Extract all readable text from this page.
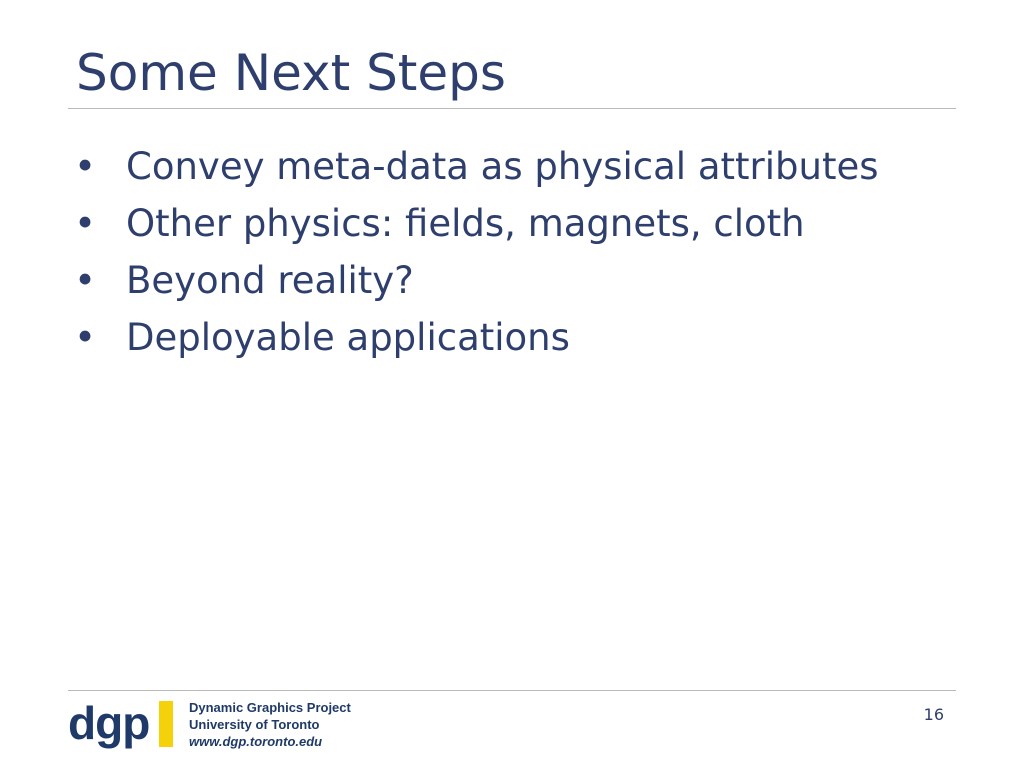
Some Next Steps
• Convey meta-data as physical attributes
• Other physics: fields, magnets, cloth
• Beyond reality?
• Deployable applications
dgp	Dynamic Graphics Project
University of Toronto
www.dgp.toronto.edu
16
